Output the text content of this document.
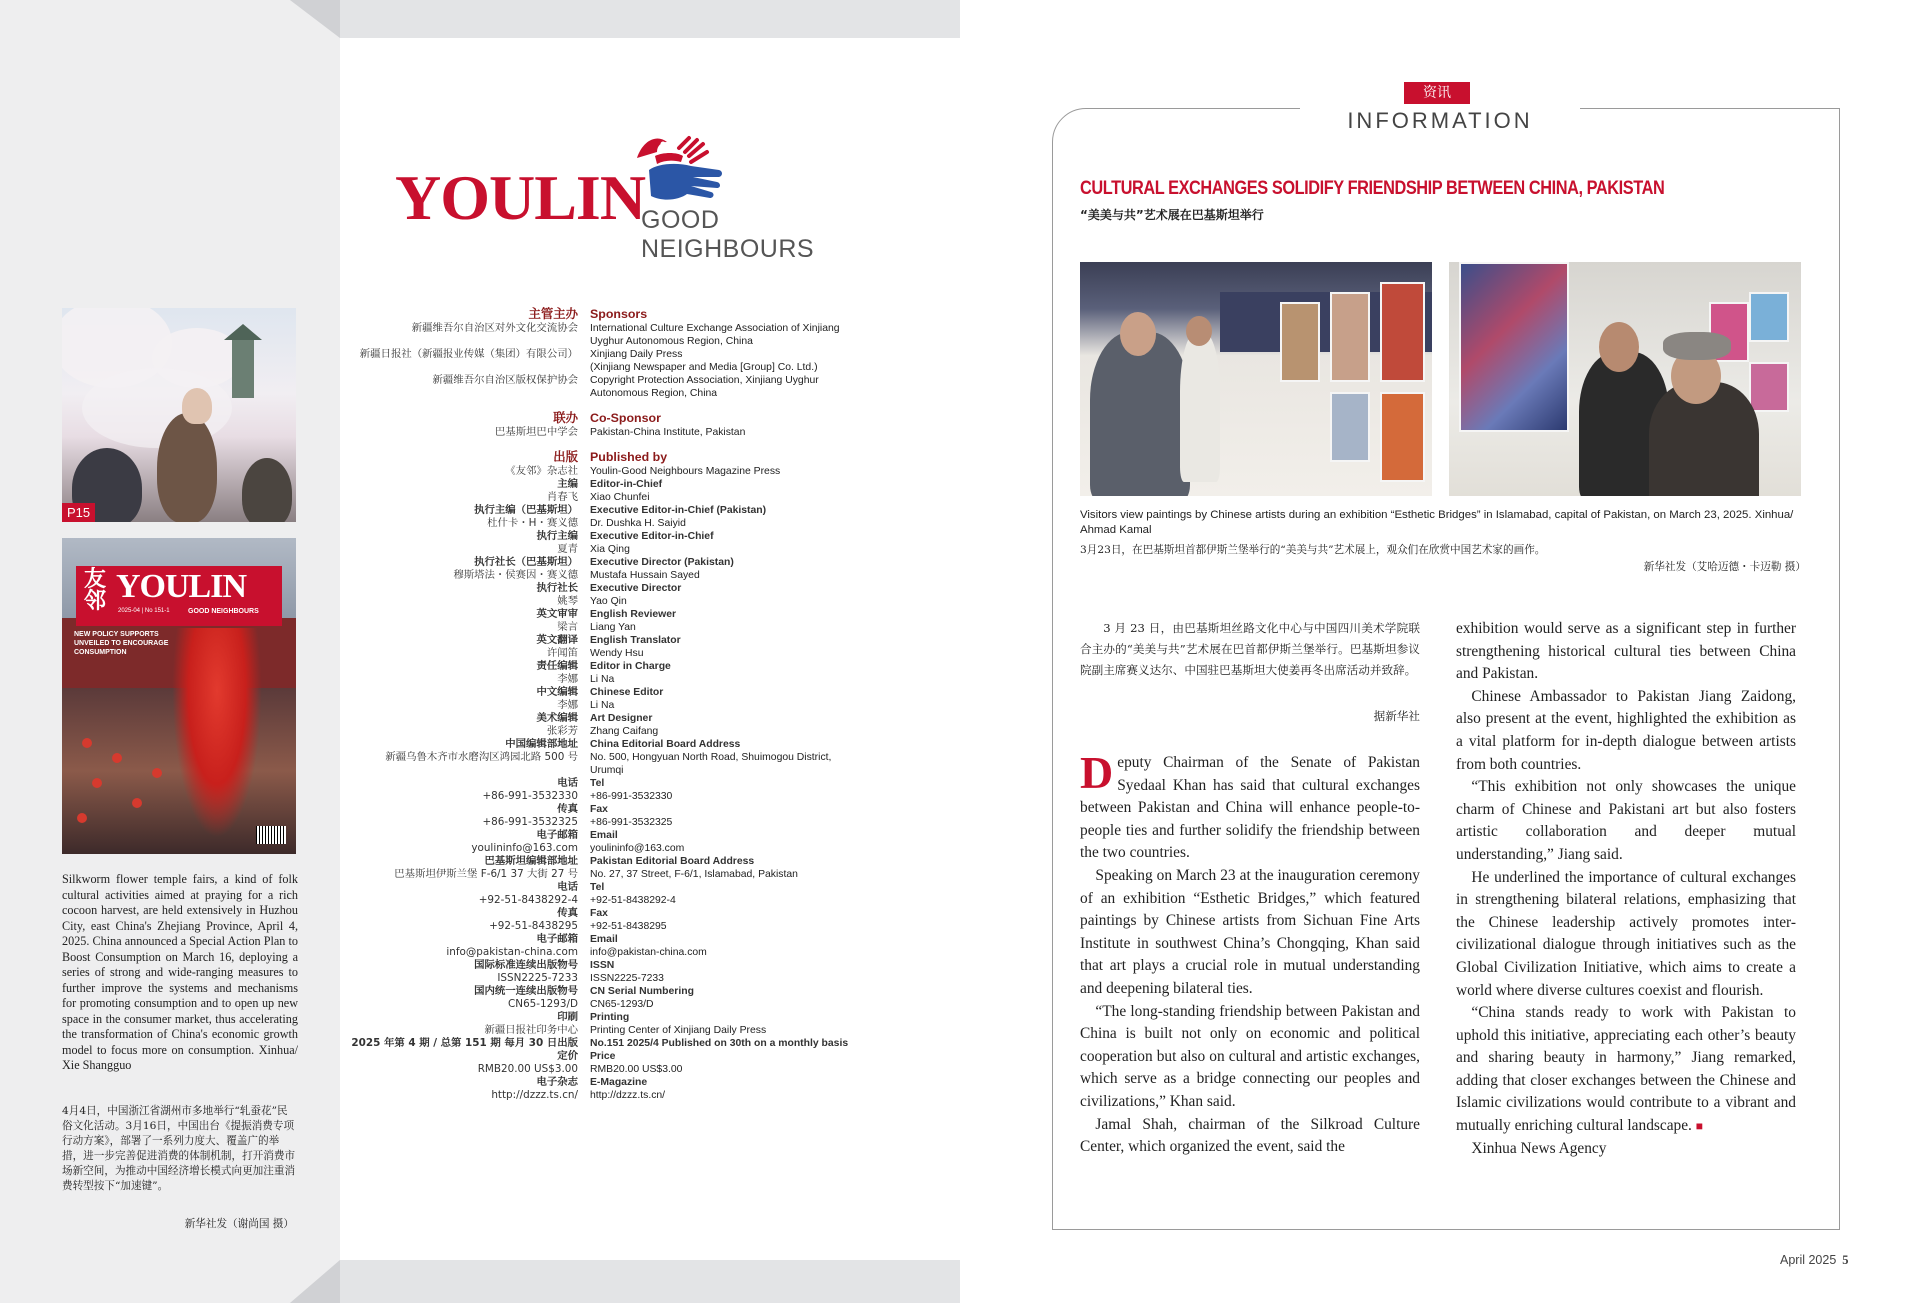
P15
友邻 YOULIN
2025-04 | No 151-1	GOOD NEIGHBOURS
NEW POLICY SUPPORTS UNVEILED TO ENCOURAGE CONSUMPTION
Silkworm flower temple fairs, a kind of folk cultural activities aimed at praying for a rich cocoon harvest, are held extensively in Huzhou City, east China's Zhejiang Province, April 4, 2025. China announced a Special Action Plan to Boost Consumption on March 16, deploying a series of strong and wide-ranging measures to further improve the systems and mechanisms for promoting consumption and to open up new space in the consumer market, thus accelerating the transformation of China's economic growth model to focus more on consumption. Xinhua/ Xie Shangguo
4月4日，中国浙江省湖州市多地举行“轧蚕花”民俗文化活动。3月16日，中国出台《提振消费专项行动方案》，部署了一系列力度大、覆盖广的举措，进一步完善促进消费的体制机制，打开消费市场新空间，为推动中国经济增长模式向更加注重消费转型按下“加速键”。
新华社发（谢尚国 摄）
YOULIN
GOOD NEIGHBOURS
主管主办 Sponsors
新疆维吾尔自治区对外文化交流协会	International Culture Exchange Association of Xinjiang
Uyghur Autonomous Region, China
新疆日报社（新疆报业传媒（集团）有限公司）	Xinjiang Daily Press
(Xinjiang Newspaper and Media [Group] Co. Ltd.)
新疆维吾尔自治区版权保护协会	Copyright Protection Association, Xinjiang Uyghur
Autonomous Region, China
联办 Co-Sponsor
巴基斯坦巴中学会	Pakistan-China Institute, Pakistan
出版 Published by
《友邻》杂志社	Youlin-Good Neighbours Magazine Press
主编	Editor-in-Chief
肖春飞	Xiao Chunfei
执行主编（巴基斯坦）	Executive Editor-in-Chief (Pakistan)
杜什卡・H・赛义德	Dr. Dushka H. Saiyid
执行主编	Executive Editor-in-Chief
夏青	Xia Qing
执行社长（巴基斯坦）	Executive Director (Pakistan)
穆斯塔法・侯赛因・赛义德	Mustafa Hussain Sayed
执行社长	Executive Director
姚琴	Yao Qin
英文审审	English Reviewer
梁言	Liang Yan
英文翻译	English Translator
许闻笛	Wendy Hsu
责任编辑	Editor in Charge
李娜	Li Na
中文编辑	Chinese Editor
李娜	Li Na
美术编辑	Art Designer
张彩芳	Zhang Caifang
中国编辑部地址	China Editorial Board Address
新疆乌鲁木齐市水磨沟区鸿园北路 500 号	No. 500, Hongyuan North Road, Shuimogou District,
Urumqi
电话	Tel
+86-991-3532330	+86-991-3532330
传真	Fax
+86-991-3532325	+86-991-3532325
电子邮箱	Email
youlininfo@163.com	youlininfo@163.com
巴基斯坦编辑部地址	Pakistan Editorial Board Address
巴基斯坦伊斯兰堡 F-6/1 37 大街 27 号	No. 27, 37 Street, F-6/1, Islamabad, Pakistan
电话	Tel
+92-51-8438292-4	+92-51-8438292-4
传真	Fax
+92-51-8438295	+92-51-8438295
电子邮箱	Email
info@pakistan-china.com	info@pakistan-china.com
国际标准连续出版物号	ISSN
ISSN2225-7233	ISSN2225-7233
国内统一连续出版物号	CN Serial Numbering
CN65-1293/D	CN65-1293/D
印刷	Printing
新疆日报社印务中心	Printing Center of Xinjiang Daily Press
2025 年第 4 期 / 总第 151 期 每月 30 日出版	No.151 2025/4 Published on 30th on a monthly basis
定价	Price
RMB20.00 US$3.00	RMB20.00 US$3.00
电子杂志	E-Magazine
http://dzzz.ts.cn/	http://dzzz.ts.cn/
资讯
INFORMATION
CULTURAL EXCHANGES SOLIDIFY FRIENDSHIP BETWEEN CHINA, PAKISTAN
“美美与共”艺术展在巴基斯坦举行
Visitors view paintings by Chinese artists during an exhibition “Esthetic Bridges” in Islamabad, capital of Pakistan, on March 23, 2025. Xinhua/ Ahmad Kamal
3月23日，在巴基斯坦首都伊斯兰堡举行的“美美与共”艺术展上，观众们在欣赏中国艺术家的画作。
新华社发（艾哈迈德・卡迈勒 摄）
3 月 23 日，由巴基斯坦丝路文化中心与中国四川美术学院联合主办的“美美与共”艺术展在巴首都伊斯兰堡举行。巴基斯坦参议院副主席赛义达尔、中国驻巴基斯坦大使姜再冬出席活动并致辞。
据新华社

Deputy Chairman of the Senate of Pakistan Syedaal Khan has said that cultural exchanges between Pakistan and China will enhance people-to-people ties and further solidify the friendship between the two countries.

Speaking on March 23 at the inauguration ceremony of an exhibition “Esthetic Bridges,” which featured paintings by Chinese artists from Sichuan Fine Arts Institute in southwest China’s Chongqing, Khan said that art plays a crucial role in mutual understanding and deepening bilateral ties.

“The long-standing friendship between Pakistan and China is built not only on economic and political cooperation but also on cultural and artistic exchanges, which serve as a bridge connecting our peoples and civilizations,” Khan said.

Jamal Shah, chairman of the Silkroad Culture Center, which organized the event, said the

exhibition would serve as a significant step in further strengthening historical cultural ties between China and Pakistan.

Chinese Ambassador to Pakistan Jiang Zaidong, also present at the event, highlighted the exhibition as a vital platform for in-depth dialogue between artists from both countries.

“This exhibition not only showcases the unique charm of Chinese and Pakistani art but also fosters artistic collaboration and deeper mutual understanding,” Jiang said.

He underlined the importance of cultural exchanges in strengthening bilateral relations, emphasizing that the Chinese leadership actively promotes inter-civilizational dialogue through initiatives such as the Global Civilization Initiative, which aims to create a world where diverse cultures coexist and flourish.

“China stands ready to work with Pakistan to uphold this initiative, appreciating each other’s beauty and sharing beauty in harmony,” Jiang remarked, adding that closer exchanges between the Chinese and Islamic civilizations would contribute to a vibrant and mutually enriching cultural landscape. ■

Xinhua News Agency

April 2025 5
